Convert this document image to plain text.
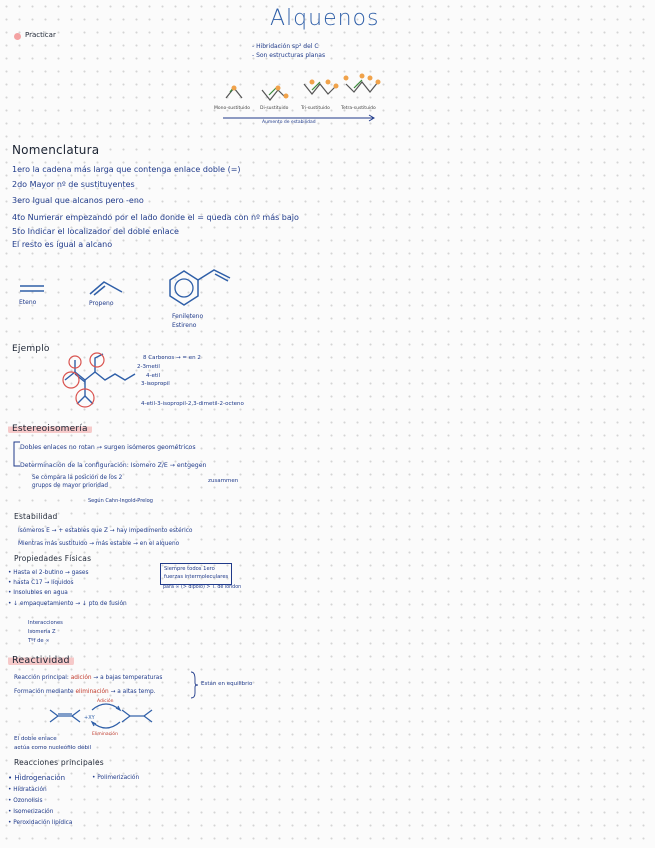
Practicar
Alquenos
- Hibridación sp² del C
- Son estructuras planas
Mono-sustituido Di-sustituido	Tri-sustituido Tetra-sustituido
Aumento de estabilidad
Nomenclatura
1ero la cadena más larga que contenga enlace doble (=)
2do Mayor nº de sustituyentes
3ero Igual que alcanos pero -eno
4to Numerar empezando por el lado donde el = queda con nº más bajo
5to Indicar el localizador del doble enlace
El resto es igual a alcano
Eteno	Propeno
Fenileteno
Estireno
Ejemplo
8 Carbonos → = en 2
2-3metil
4-etil
3-isopropil
4-etil-3-isopropil-2,3-dimetil-2-octeno
Estereoisomería
Dobles enlaces no rotan → surgen isómeros geométricos
Determinación de la configuración: Isomero Z/E → entgegen
zusammen
Se compara la posición de los 2 grupos de mayor prioridad
Según Cahn-Ingold-Prelog
Estabilidad
Isómeros E → + estables que Z → hay impedimento estérico
Mientras más sustituido → más estable → en el alqueno
Propiedades Físicas
• Hasta el 2-butino → gases
• hasta C17 → líquidos
• Insolubles en agua
• ↓ empaquetamiento → ↓ pto de fusión
Interacciones
Isomería Z
Tºf de ∞
Siempre todos 1ero
fuerzas intermoleculares
para ∞ (> dipolo) > T. de london
Reactividad
Reacción principal: adición → a bajas temperaturas
Formación mediante eliminación → a altas temp.
Están en equilibrio
+XY
Adición
Eliminación
El doble enlace
actúa como nucleófilo débil
Reacciones principales
• Hidrogenación
• Hidratación
• Ozonolisis
• Isomerización
• Peroxidación lipídica
• Polimerización
